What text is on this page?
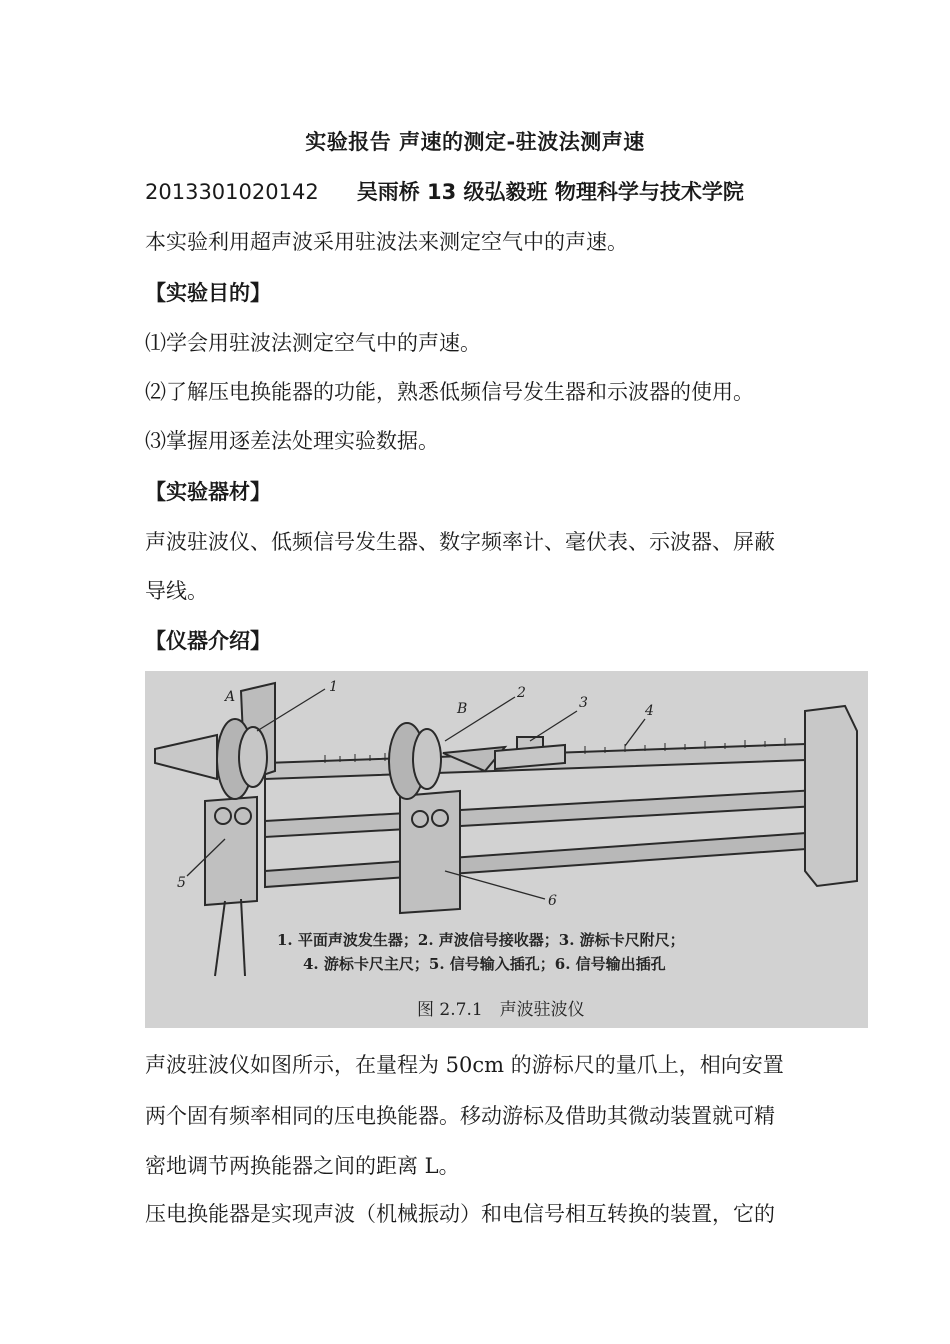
实验报告 声速的测定-驻波法测声速
2013301020142 吴雨桥 13 级弘毅班 物理科学与技术学院
本实验利用超声波采用驻波法来测定空气中的声速。
【实验目的】
⑴学会用驻波法测定空气中的声速。
⑵了解压电换能器的功能，熟悉低频信号发生器和示波器的使用。
⑶掌握用逐差法处理实验数据。
【实验器材】
声波驻波仪、低频信号发生器、数字频率计、毫伏表、示波器、屏蔽
导线。
【仪器介绍】
A
1
B
2
3	4
5
6
1. 平面声波发生器；2. 声波信号接收器；3. 游标卡尺附尺；
4. 游标卡尺主尺；5. 信号输入插孔；6. 信号输出插孔
图 2.7.1　声波驻波仪
声波驻波仪如图所示，在量程为 50cm 的游标尺的量爪上，相向安置
两个固有频率相同的压电换能器。移动游标及借助其微动装置就可精
密地调节两换能器之间的距离 L。
压电换能器是实现声波（机械振动）和电信号相互转换的装置，它的
